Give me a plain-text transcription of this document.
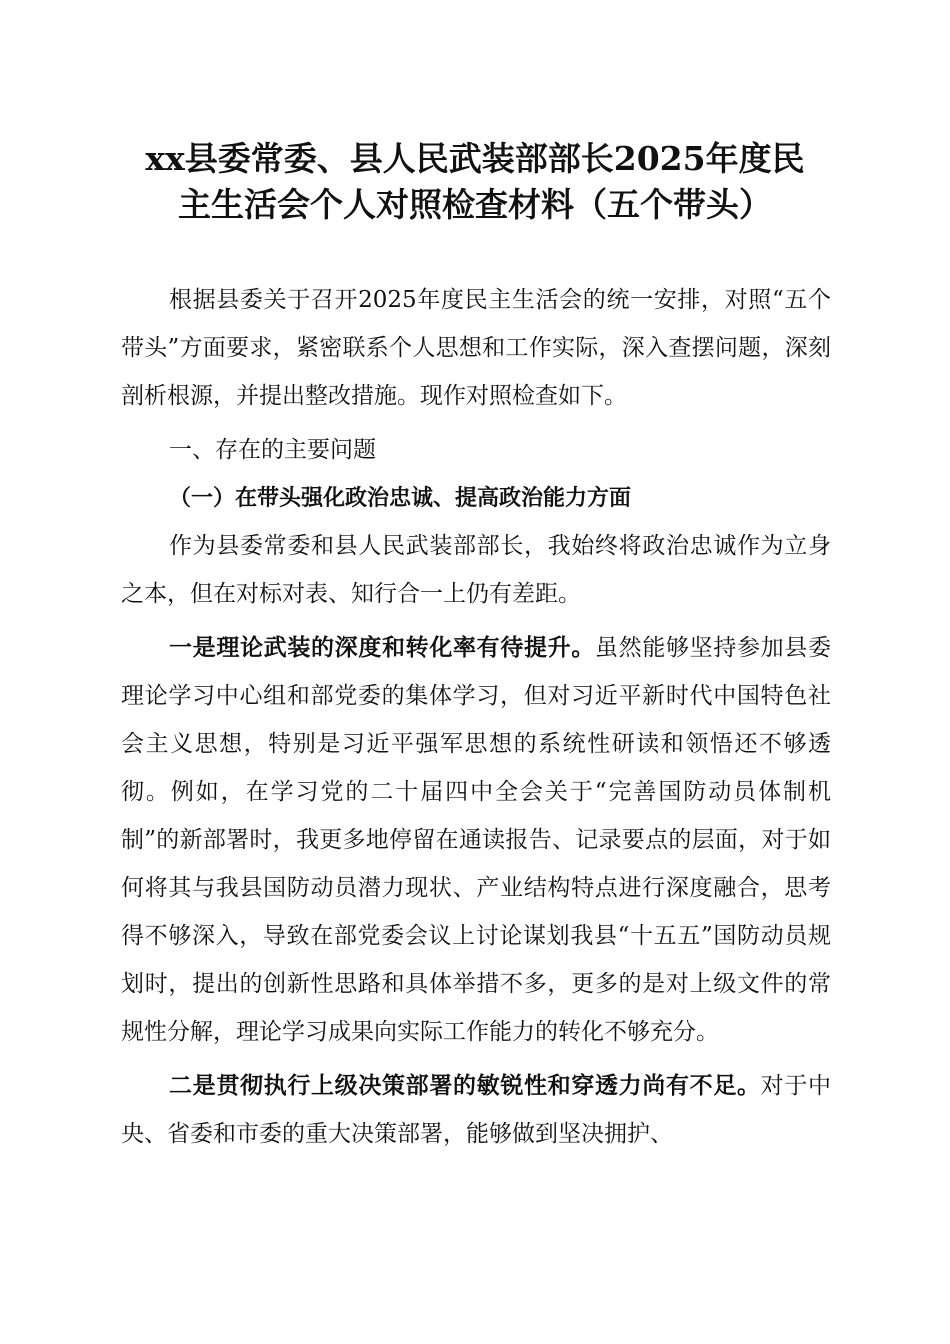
xx县委常委、县人民武装部部长2025年度民
主生活会个人对照检查材料（五个带头）

根据县委关于召开2025年度民主生活会的统一安排，对照“五个带头”方面要求，紧密联系个人思想和工作实际，深入查摆问题，深刻剖析根源，并提出整改措施。现作对照检查如下。

一、存在的主要问题

（一）在带头强化政治忠诚、提高政治能力方面

作为县委常委和县人民武装部部长，我始终将政治忠诚作为立身之本，但在对标对表、知行合一上仍有差距。

一是理论武装的深度和转化率有待提升。虽然能够坚持参加县委理论学习中心组和部党委的集体学习，但对习近平新时代中国特色社会主义思想，特别是习近平强军思想的系统性研读和领悟还不够透彻。例如，在学习党的二十届四中全会关于“完善国防动员体制机制”的新部署时，我更多地停留在通读报告、记录要点的层面，对于如何将其与我县国防动员潜力现状、产业结构特点进行深度融合，思考得不够深入，导致在部党委会议上讨论谋划我县“十五五”国防动员规划时，提出的创新性思路和具体举措不多，更多的是对上级文件的常规性分解，理论学习成果向实际工作能力的转化不够充分。

二是贯彻执行上级决策部署的敏锐性和穿透力尚有不足。对于中央、省委和市委的重大决策部署，能够做到坚决拥护、
